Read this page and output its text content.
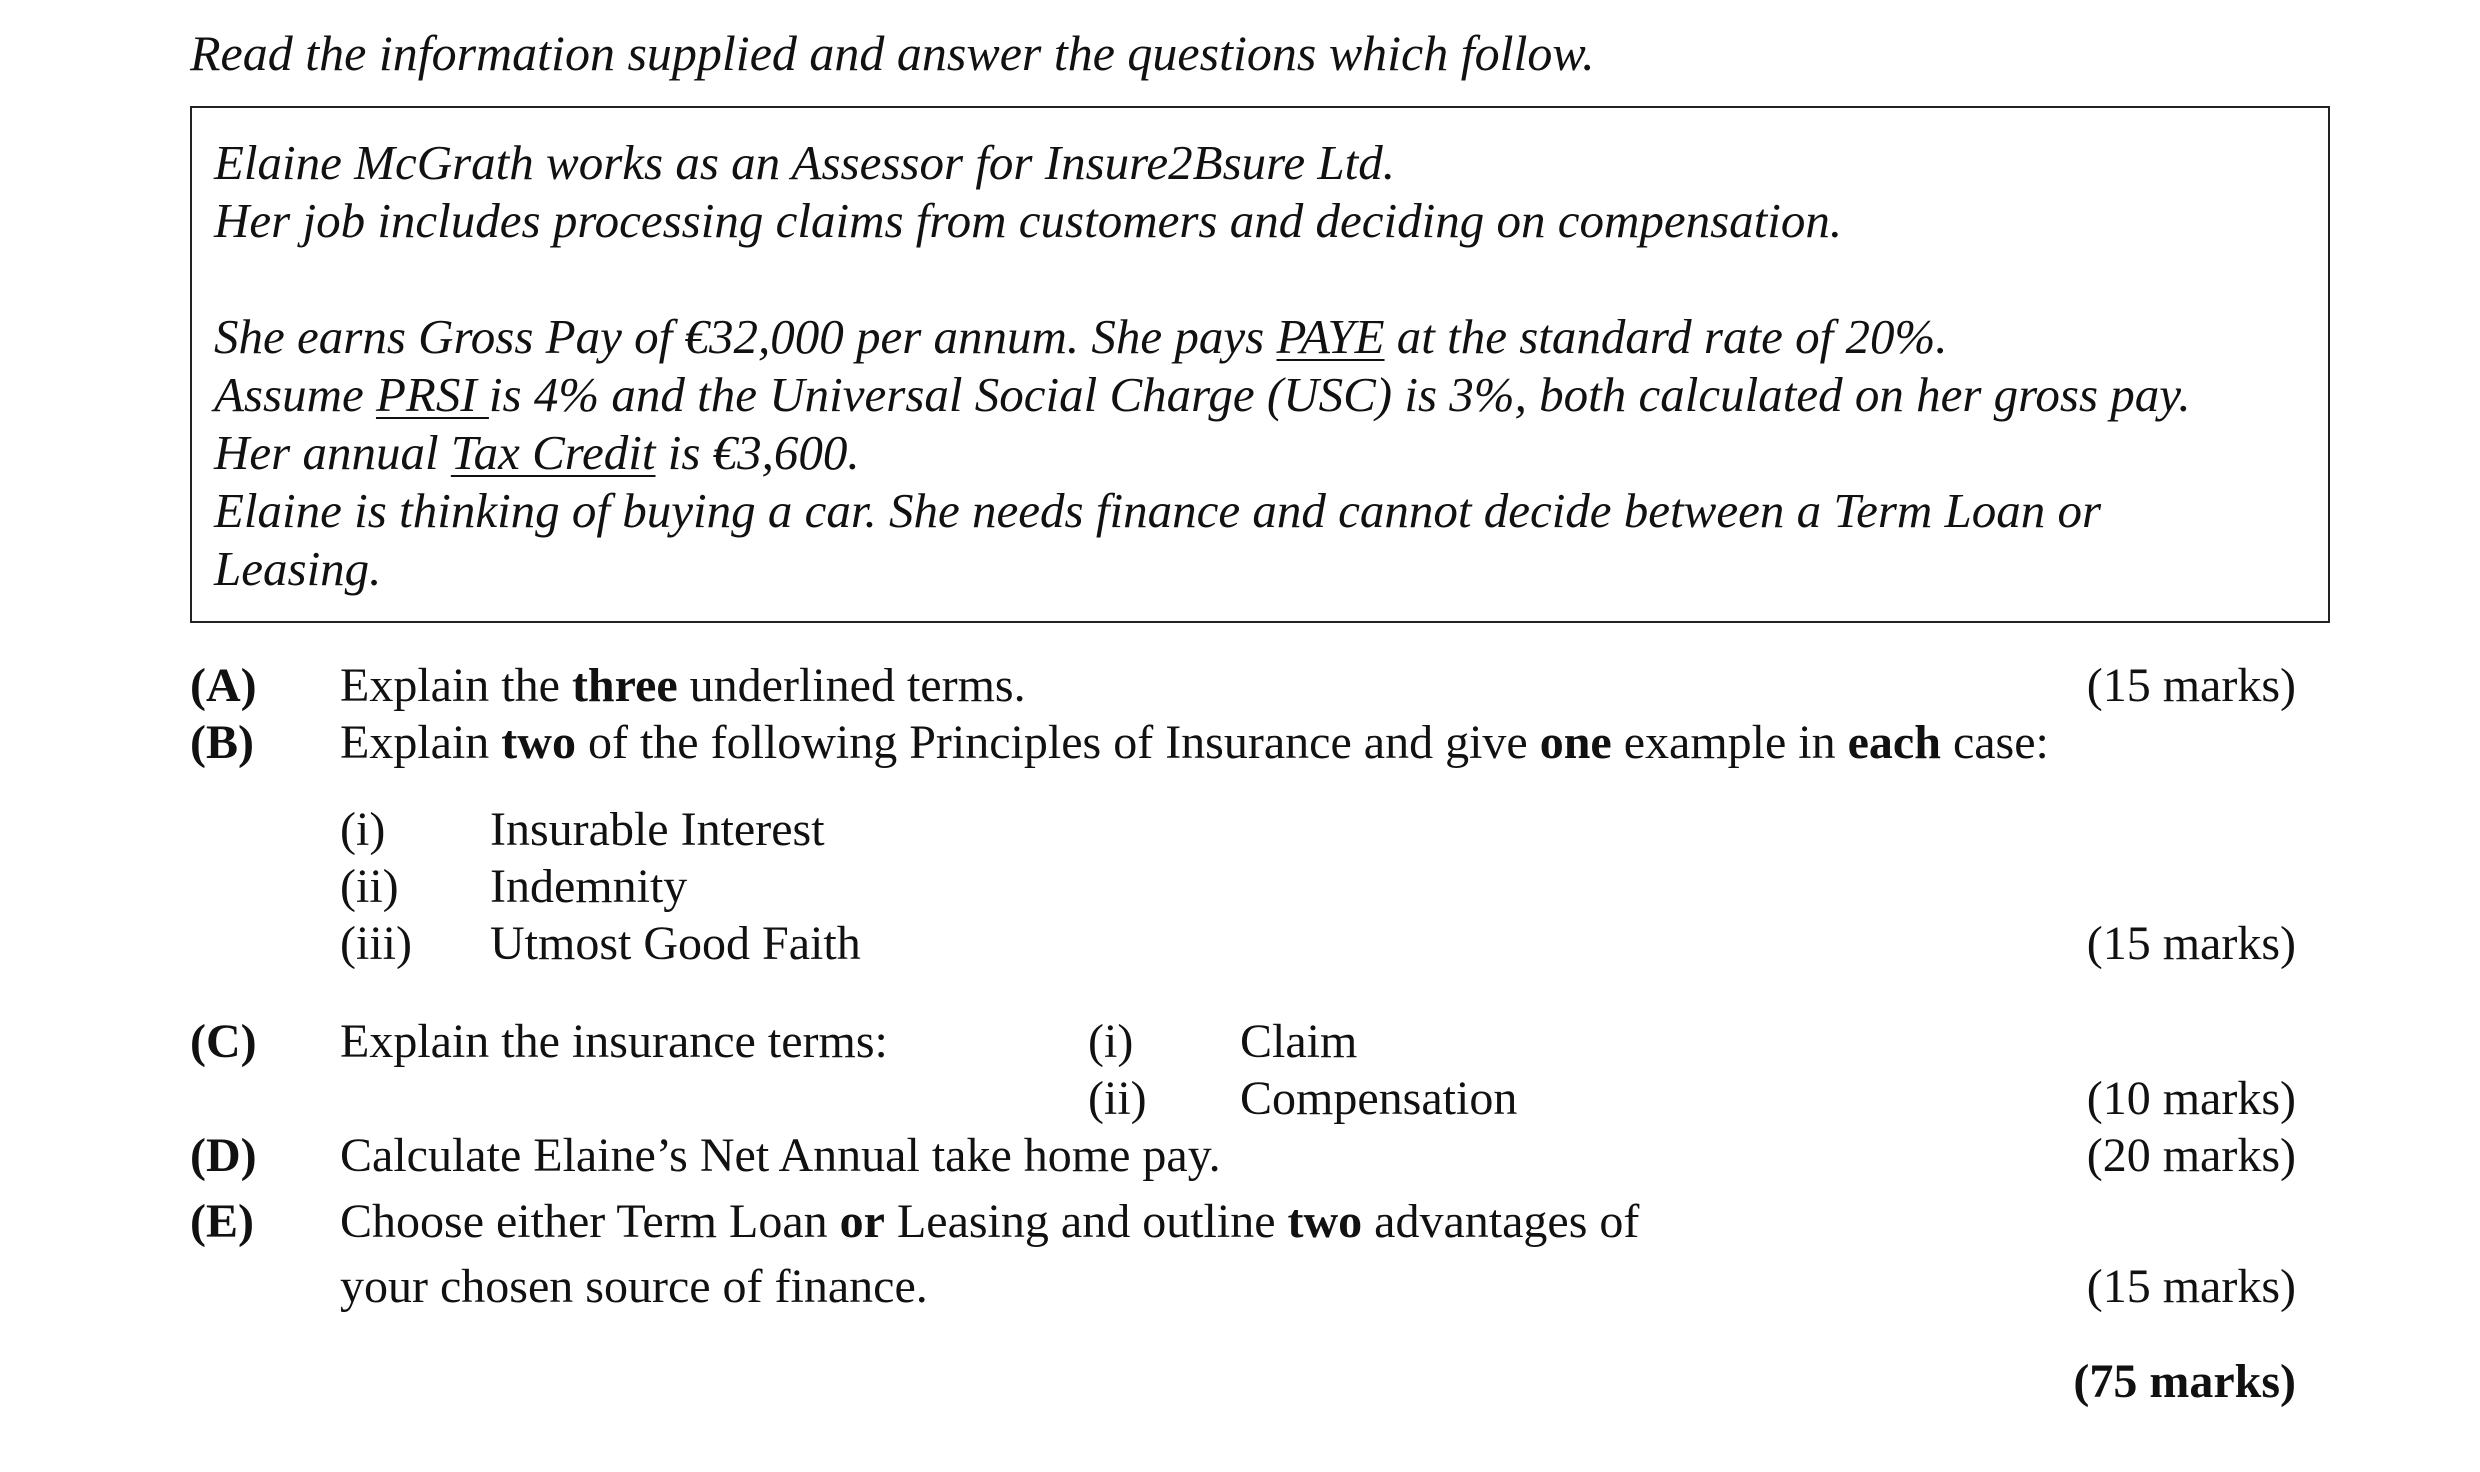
Read the information supplied and answer the questions which follow.
Elaine McGrath works as an Assessor for Insure2Bsure Ltd.
Her job includes processing claims from customers and deciding on compensation.
She earns Gross Pay of €32,000 per annum. She pays PAYE at the standard rate of 20%.
Assume PRSI is 4% and the Universal Social Charge (USC) is 3%, both calculated on her gross pay.
Her annual Tax Credit is €3,600.
Elaine is thinking of buying a car. She needs finance and cannot decide between a Term Loan or
Leasing.
(A) Explain the three underlined terms.	(15 marks)
(B) Explain two of the following Principles of Insurance and give one example in each case:
(i) Insurable Interest
(ii) Indemnity
(iii) Utmost Good Faith	(15 marks)
(C) Explain the insurance terms:	(i) Claim
(ii) Compensation	(10 marks)
(D) Calculate Elaine’s Net Annual take home pay.	(20 marks)
(E) Choose either Term Loan or Leasing and outline two advantages of
your chosen source of finance.	(15 marks)
(75 marks)
